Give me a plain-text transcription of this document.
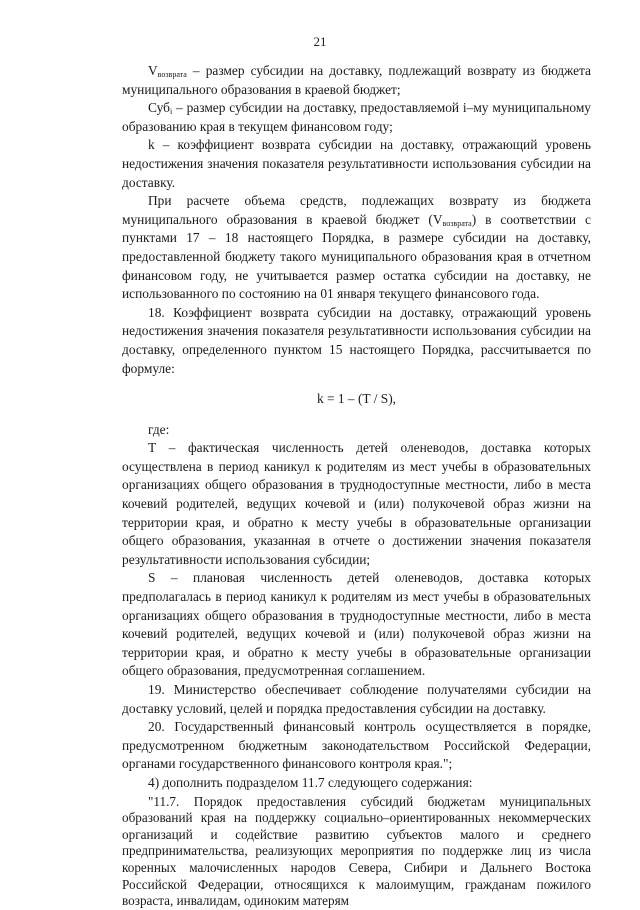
21

$V_{возврата}$ – размер субсидии на доставку, подлежащий возврату из бюджета муниципального образования в краевой бюджет;

Суб$_i$ – размер субсидии на доставку, предоставляемой i–му муниципальному образованию края в текущем финансовом году;

k – коэффициент возврата субсидии на доставку, отражающий уровень недостижения значения показателя результативности использования субсидии на доставку.

При расчете объема средств, подлежащих возврату из бюджета муниципального образования в краевой бюджет $(V_{возврата})$ в соответствии с пунктами 17 – 18 настоящего Порядка, в размере субсидии на доставку, предоставленной бюджету такого муниципального образования края в отчетном финансовом году, не учитывается размер остатка субсидии на доставку, не использованного по состоянию на 01 января текущего финансового года.

18. Коэффициент возврата субсидии на доставку, отражающий уровень недостижения значения показателя результативности использования субсидии на доставку, определенного пунктом 15 настоящего Порядка, рассчитывается по формуле:

k = 1 – (T / S),

где:

Т – фактическая численность детей оленеводов, доставка которых осуществлена в период каникул к родителям из мест учебы в образовательных организациях общего образования в труднодоступные местности, либо в места кочевий родителей, ведущих кочевой и (или) полукочевой образ жизни на территории края, и обратно к месту учебы в образовательные организации общего образования, указанная в отчете о достижении значения показателя результативности использования субсидии;

S – плановая численность детей оленеводов, доставка которых предполагалась в период каникул к родителям из мест учебы в образовательных организациях общего образования в труднодоступные местности, либо в места кочевий родителей, ведущих кочевой и (или) полукочевой образ жизни на территории края, и обратно к месту учебы в образовательные организации общего образования, предусмотренная соглашением.

19. Министерство обеспечивает соблюдение получателями субсидии на доставку условий, целей и порядка предоставления субсидии на доставку.

20. Государственный финансовый контроль осуществляется в порядке, предусмотренном бюджетным законодательством Российской Федерации, органами государственного финансового контроля края.";

4) дополнить подразделом 11.7 следующего содержания:

"11.7. Порядок предоставления субсидий бюджетам муниципальных образований края на поддержку социально–ориентированных некоммерческих организаций и содействие развитию субъектов малого и среднего предпринимательства, реализующих мероприятия по поддержке лиц из числа коренных малочисленных народов Севера, Сибири и Дальнего Востока Российской Федерации, относящихся к малоимущим, гражданам пожилого возраста, инвалидам, одиноким матерям
